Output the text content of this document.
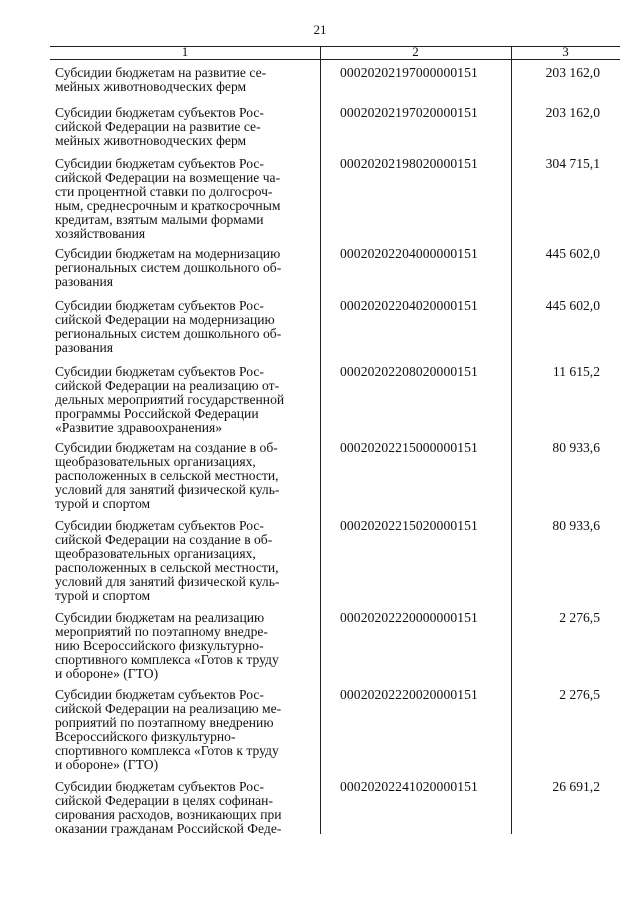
21
1	2	3
Субсидии бюджетам на развитие се-
мейных животноводческих ферм
00020202197000000151	203 162,0
Субсидии бюджетам субъектов Рос-
сийской Федерации на развитие се-
мейных животноводческих ферм
00020202197020000151	203 162,0
Субсидии бюджетам субъектов Рос-
сийской Федерации на возмещение ча-
сти процентной ставки по долгосроч-
ным, среднесрочным и краткосрочным
кредитам, взятым малыми формами
хозяйствования
00020202198020000151	304 715,1
Субсидии бюджетам на модернизацию
региональных систем дошкольного об-
разования
00020202204000000151	445 602,0
Субсидии бюджетам субъектов Рос-
сийской Федерации на модернизацию
региональных систем дошкольного об-
разования
00020202204020000151	445 602,0
Субсидии бюджетам субъектов Рос-
сийской Федерации на реализацию от-
дельных мероприятий государственной
программы Российской Федерации
«Развитие здравоохранения»
00020202208020000151	11 615,2
Субсидии бюджетам на создание в об-
щеобразовательных организациях,
расположенных в сельской местности,
условий для занятий физической куль-
турой и спортом
00020202215000000151	80 933,6
Субсидии бюджетам субъектов Рос-
сийской Федерации на создание в об-
щеобразовательных организациях,
расположенных в сельской местности,
условий для занятий физической куль-
турой и спортом
00020202215020000151	80 933,6
Субсидии бюджетам на реализацию
мероприятий по поэтапному внедре-
нию Всероссийского физкультурно-
спортивного комплекса «Готов к труду
и обороне» (ГТО)
00020202220000000151	2 276,5
Субсидии бюджетам субъектов Рос-
сийской Федерации на реализацию ме-
роприятий по поэтапному внедрению
Всероссийского физкультурно-
спортивного комплекса «Готов к труду
и обороне» (ГТО)
00020202220020000151	2 276,5
Субсидии бюджетам субъектов Рос-
сийской Федерации в целях софинан-
сирования расходов, возникающих при
оказании гражданам Российской Феде-
00020202241020000151	26 691,2
